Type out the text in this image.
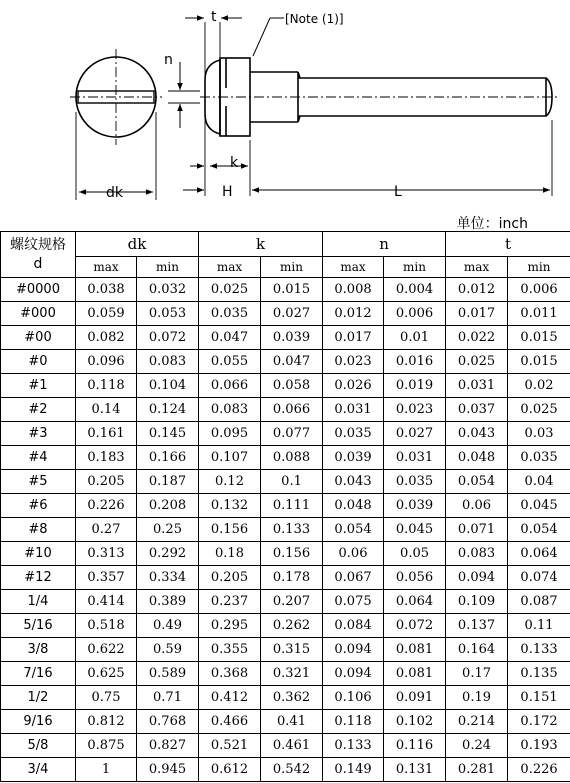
t	[Note (1)]
n
k
dk	H	L
单位：inch
螺纹规格
d	dk		k		n		t	
	max	min	max	min	max	min	max	min
#0000	0.038	0.032	0.025	0.015	0.008	0.004	0.012	0.006
#000	0.059	0.053	0.035	0.027	0.012	0.006	0.017	0.011
#00	0.082	0.072	0.047	0.039	0.017	0.01	0.022	0.015
#0	0.096	0.083	0.055	0.047	0.023	0.016	0.025	0.015
#1	0.118	0.104	0.066	0.058	0.026	0.019	0.031	0.02
#2	0.14	0.124	0.083	0.066	0.031	0.023	0.037	0.025
#3	0.161	0.145	0.095	0.077	0.035	0.027	0.043	0.03
#4	0.183	0.166	0.107	0.088	0.039	0.031	0.048	0.035
#5	0.205	0.187	0.12	0.1	0.043	0.035	0.054	0.04
#6	0.226	0.208	0.132	0.111	0.048	0.039	0.06	0.045
#8	0.27	0.25	0.156	0.133	0.054	0.045	0.071	0.054
#10	0.313	0.292	0.18	0.156	0.06	0.05	0.083	0.064
#12	0.357	0.334	0.205	0.178	0.067	0.056	0.094	0.074
1/4	0.414	0.389	0.237	0.207	0.075	0.064	0.109	0.087
5/16	0.518	0.49	0.295	0.262	0.084	0.072	0.137	0.11
3/8	0.622	0.59	0.355	0.315	0.094	0.081	0.164	0.133
7/16	0.625	0.589	0.368	0.321	0.094	0.081	0.17	0.135
1/2	0.75	0.71	0.412	0.362	0.106	0.091	0.19	0.151
9/16	0.812	0.768	0.466	0.41	0.118	0.102	0.214	0.172
5/8	0.875	0.827	0.521	0.461	0.133	0.116	0.24	0.193
3/4	1	0.945	0.612	0.542	0.149	0.131	0.281	0.226
